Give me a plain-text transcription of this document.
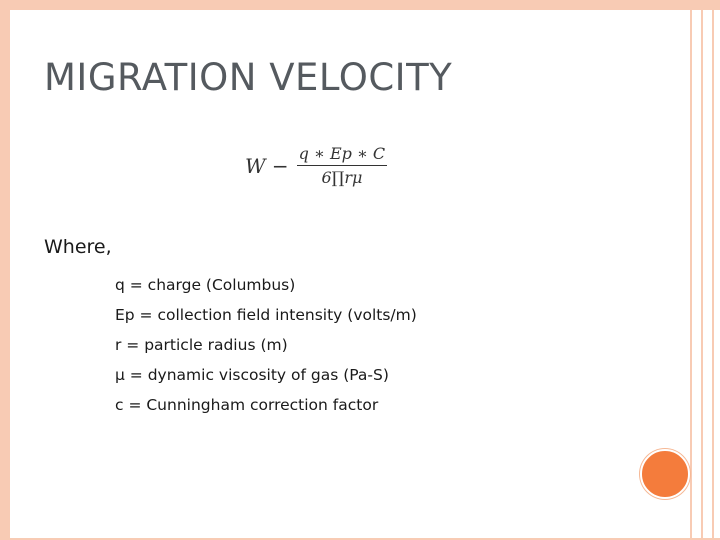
MIGRATION VELOCITY
$W - \frac{q ∗ Ep ∗ C}{6\prod r\mu}$
Where,
q = charge (Columbus)
Ep = collection field intensity (volts/m)
r = particle radius (m)
μ = dynamic viscosity of gas (Pa-S)
c = Cunningham correction factor
